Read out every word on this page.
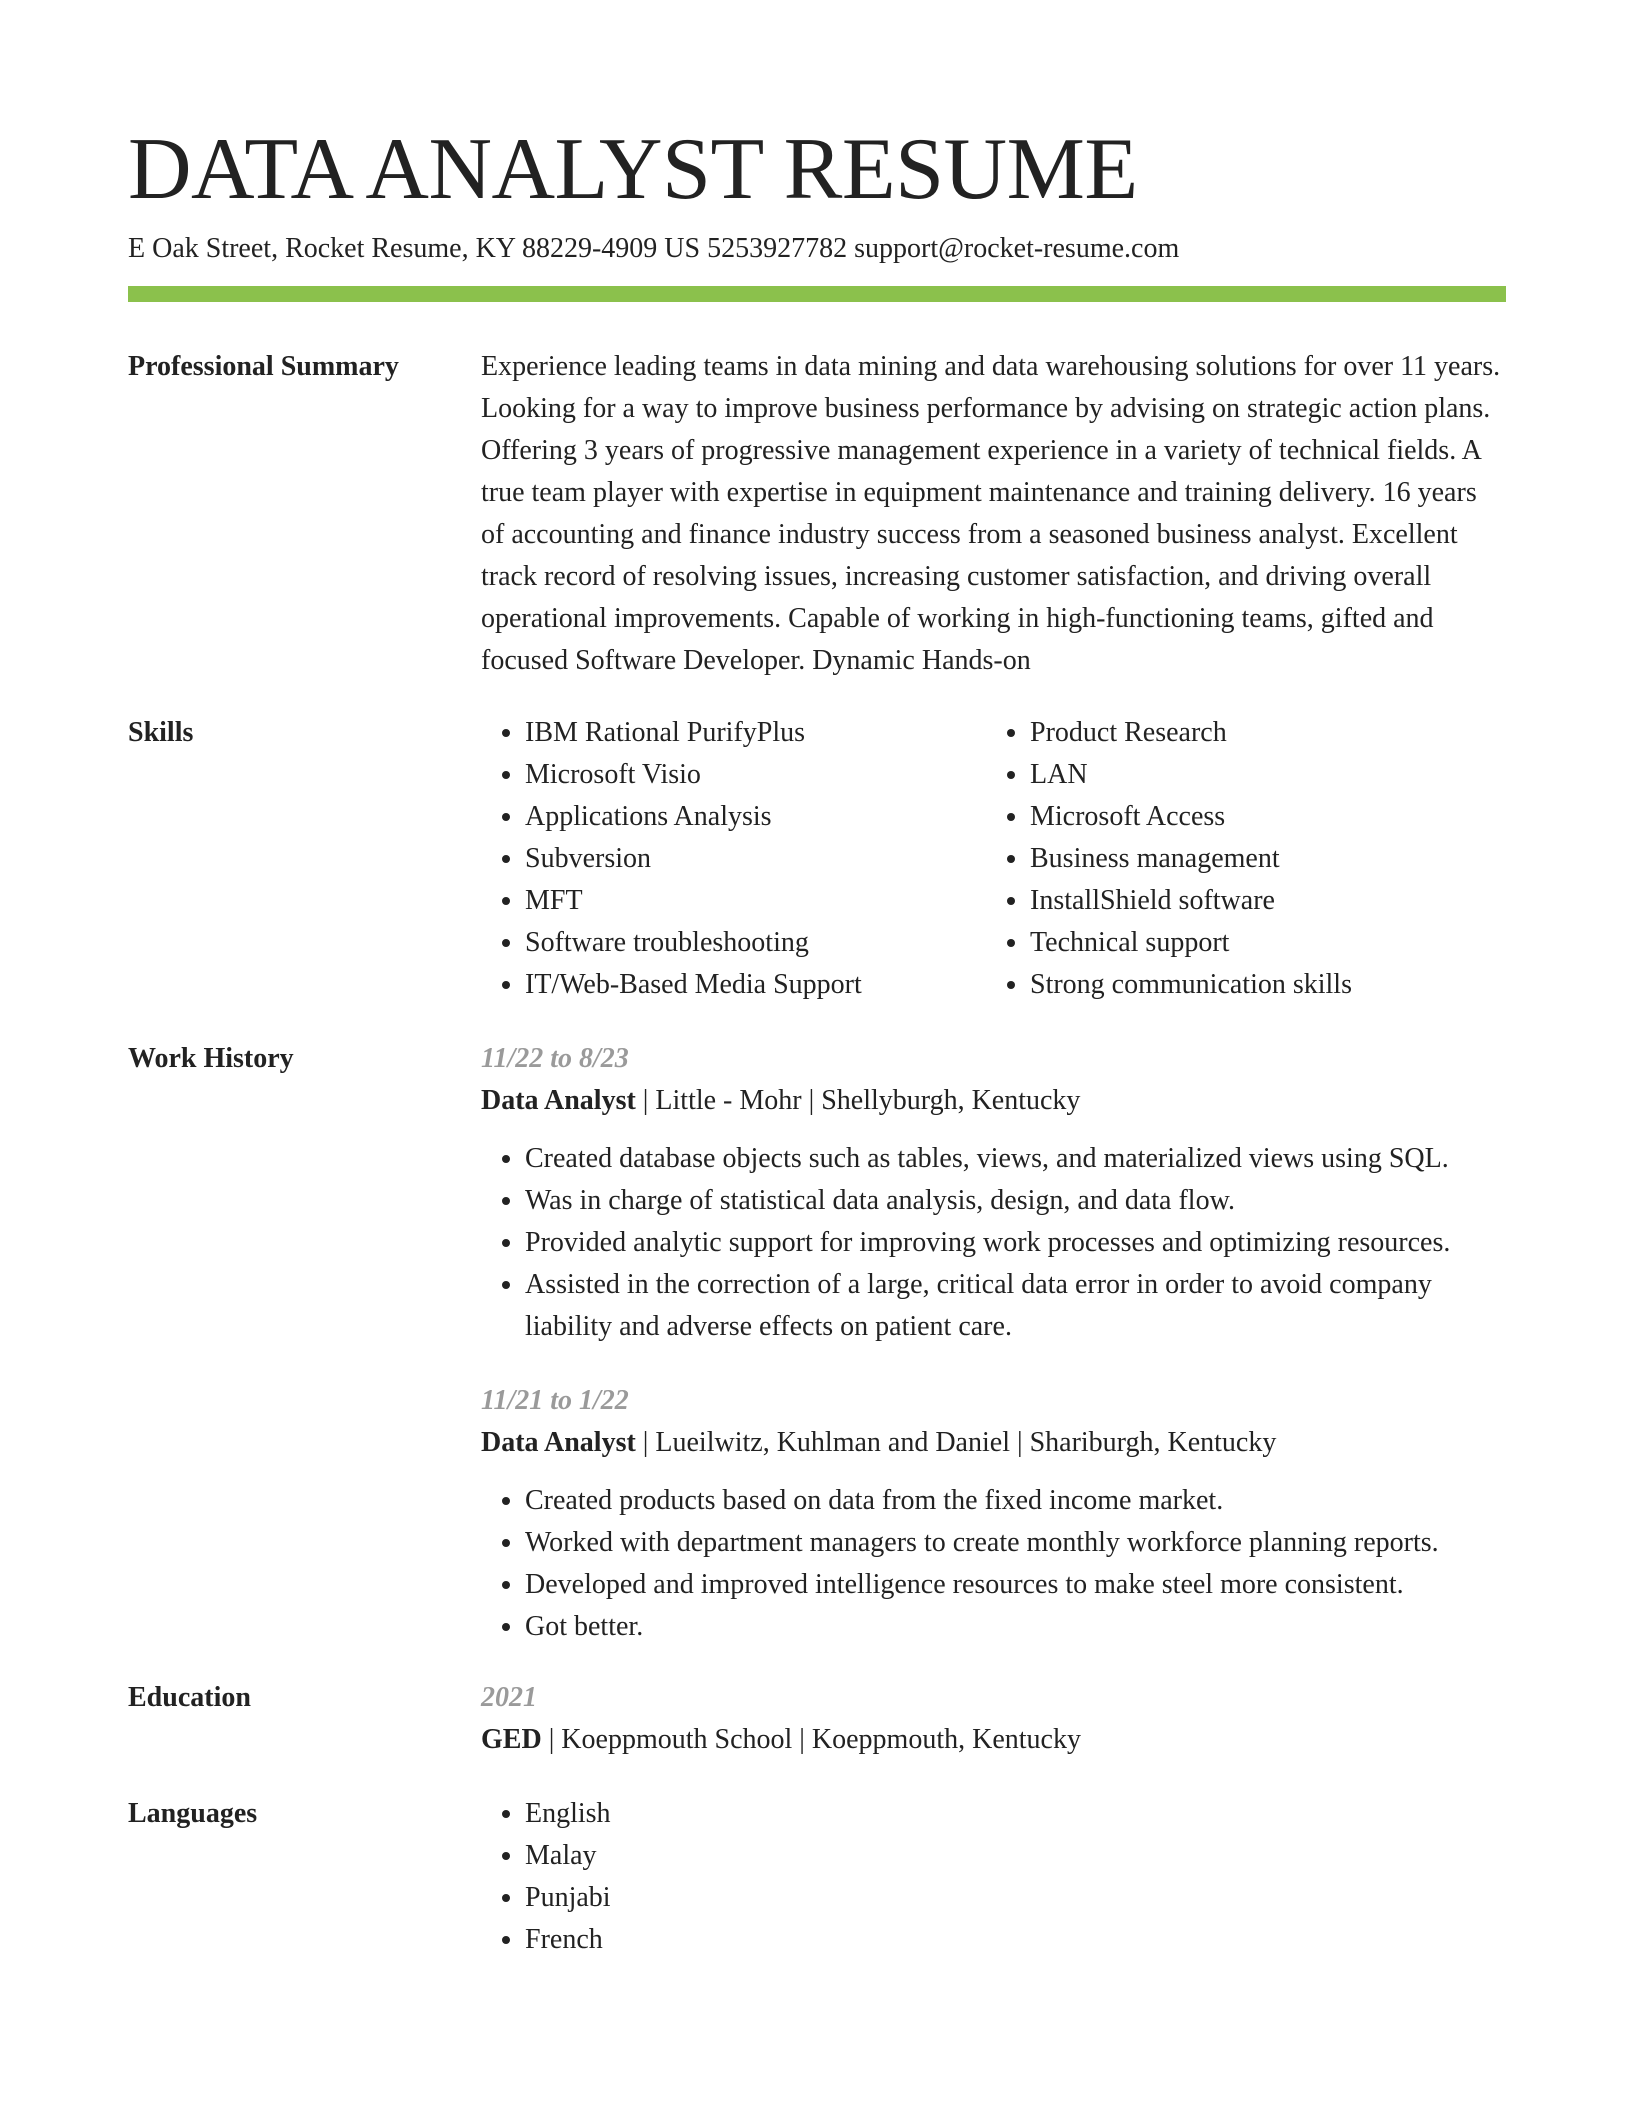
DATA ANALYST RESUME
E Oak Street, Rocket Resume, KY 88229-4909 US 5253927782 support@rocket-resume.com
Professional Summary	Experience leading teams in data mining and data warehousing solutions for over 11 years. Looking for a way to improve business performance by advising on strategic action plans. Offering 3 years of progressive management experience in a variety of technical fields. A true team player with expertise in equipment maintenance and training delivery. 16 years of accounting and finance industry success from a seasoned business analyst. Excellent track record of resolving issues, increasing customer satisfaction, and driving overall operational improvements. Capable of working in high-functioning teams, gifted and focused Software Developer. Dynamic Hands-on

Skills	• IBM Rational PurifyPlus
• Microsoft Visio
• Applications Analysis
• Subversion
• MFT
• Software troubleshooting
• IT/Web-Based Media Support
• Product Research
• LAN
• Microsoft Access
• Business management
• InstallShield software
• Technical support
• Strong communication skills
Work History	11/22 to 8/23
Data Analyst | Little - Mohr | Shellyburgh, Kentucky
• Created database objects such as tables, views, and materialized views using SQL.
• Was in charge of statistical data analysis, design, and data flow.
• Provided analytic support for improving work processes and optimizing resources.
• Assisted in the correction of a large, critical data error in order to avoid company liability and adverse effects on patient care.
11/21 to 1/22
Data Analyst | Lueilwitz, Kuhlman and Daniel | Shariburgh, Kentucky
• Created products based on data from the fixed income market.
• Worked with department managers to create monthly workforce planning reports.
• Developed and improved intelligence resources to make steel more consistent.
• Got better.
Education	2021
GED | Koeppmouth School | Koeppmouth, Kentucky
Languages	• English
• Malay
• Punjabi
• French
